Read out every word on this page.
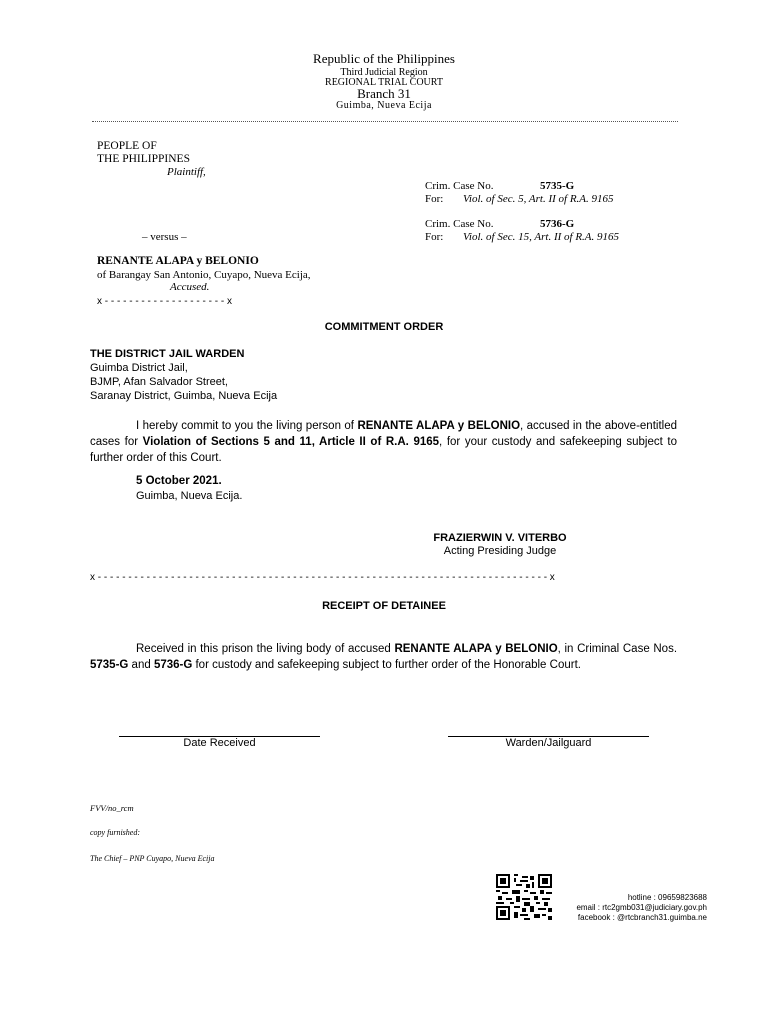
Republic of the Philippines
Third Judicial Region
REGIONAL TRIAL COURT
Branch 31
Guimba, Nueva Ecija
PEOPLE OF
THE PHILIPPINES
Plaintiff,
– versus –
RENANTE ALAPA y BELONIO
of Barangay San Antonio, Cuyapo, Nueva Ecija,
Accused.
x - - - - - - - - - - - - - - - - - - - - x
Crim. Case No.	5735-G
For: Viol. of Sec. 5, Art. II of R.A. 9165
Crim. Case No.	5736-G
For: Viol. of Sec. 15, Art. II of R.A. 9165
COMMITMENT ORDER
THE DISTRICT JAIL WARDEN
Guimba District Jail,
BJMP, Afan Salvador Street,
Saranay District, Guimba, Nueva Ecija
I hereby commit to you the living person of RENANTE ALAPA y BELONIO, accused in the above-entitled cases for Violation of Sections 5 and 11, Article II of R.A. 9165, for your custody and safekeeping subject to further order of this Court.
5 October 2021.
Guimba, Nueva Ecija.
FRAZIERWIN V. VITERBO
Acting Presiding Judge
x - - - - - - - - - - - - - - - - - - - - - - - - - - - - - - - - - - - - - - - - - - - - - - - - - - - - - - - - - - - - - - - - - - - - - - - - - - x
RECEIPT OF DETAINEE
Received in this prison the living body of accused RENANTE ALAPA y BELONIO, in Criminal Case Nos. 5735-G and 5736-G for custody and safekeeping subject to further order of the Honorable Court.
Date Received	Warden/Jailguard
FVV/no_rcm
copy furnished:
The Chief – PNP Cuyapo, Nueva Ecija
hotline : 09659823688
email : rtc2gmb031@judiciary.gov.ph
facebook : @rtcbranch31.guimba.ne
